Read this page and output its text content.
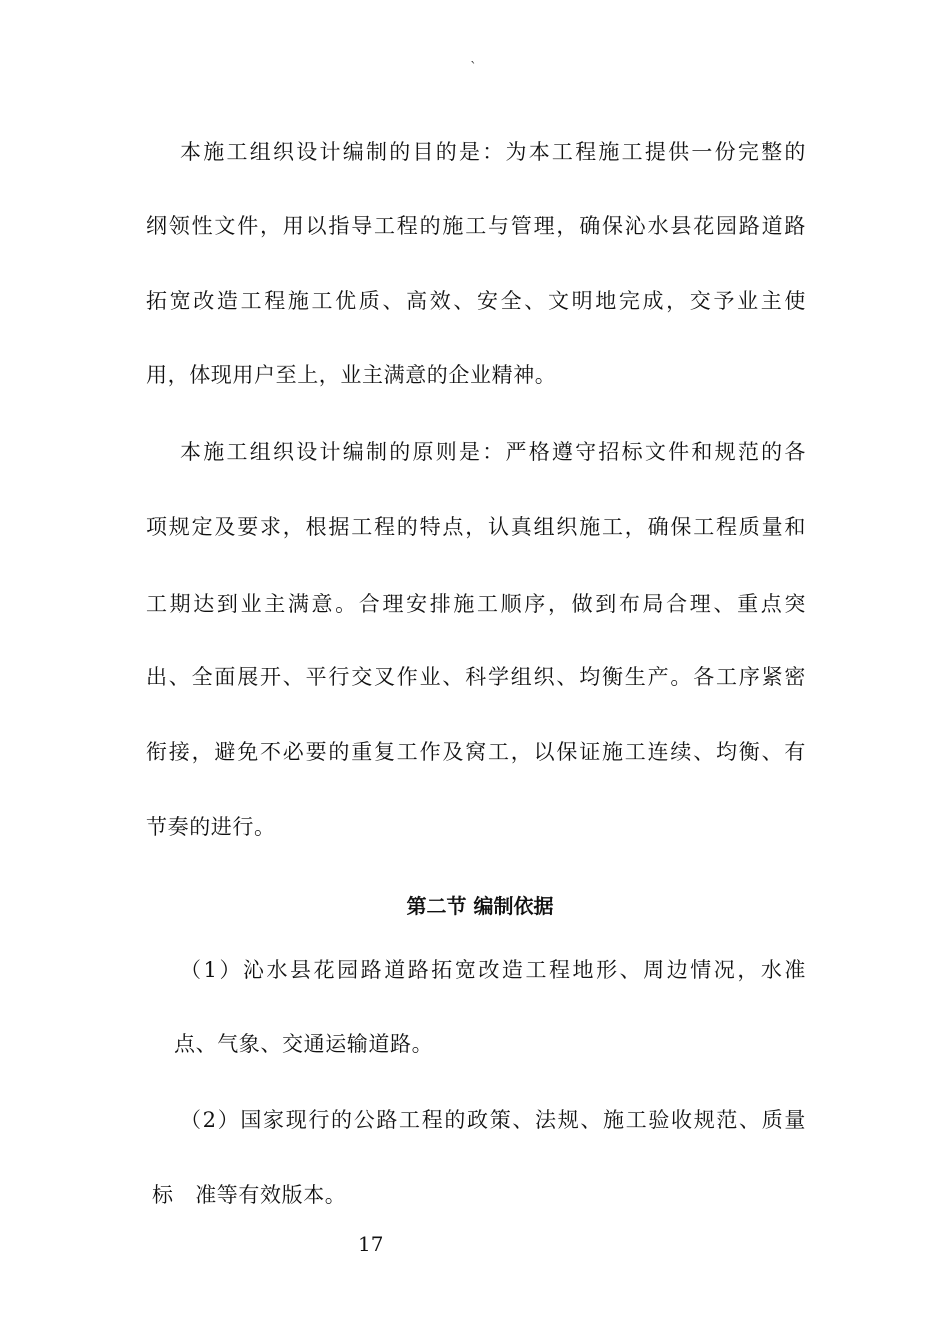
`
本施工组织设计编制的目的是：为本工程施工提供一份完整的
纲领性文件，用以指导工程的施工与管理，确保沁水县花园路道路
拓宽改造工程施工优质、高效、安全、文明地完成，交予业主使
用，体现用户至上，业主满意的企业精神。
本施工组织设计编制的原则是：严格遵守招标文件和规范的各
项规定及要求，根据工程的特点，认真组织施工，确保工程质量和
工期达到业主满意。合理安排施工顺序，做到布局合理、重点突
出、全面展开、平行交叉作业、科学组织、均衡生产。各工序紧密
衔接，避免不必要的重复工作及窝工，以保证施工连续、均衡、有
节奏的进行。
第二节 编制依据
（1）沁水县花园路道路拓宽改造工程地形、周边情况，水准
点、气象、交通运输道路。
（2）国家现行的公路工程的政策、法规、施工验收规范、质量
标　准等有效版本。
17
